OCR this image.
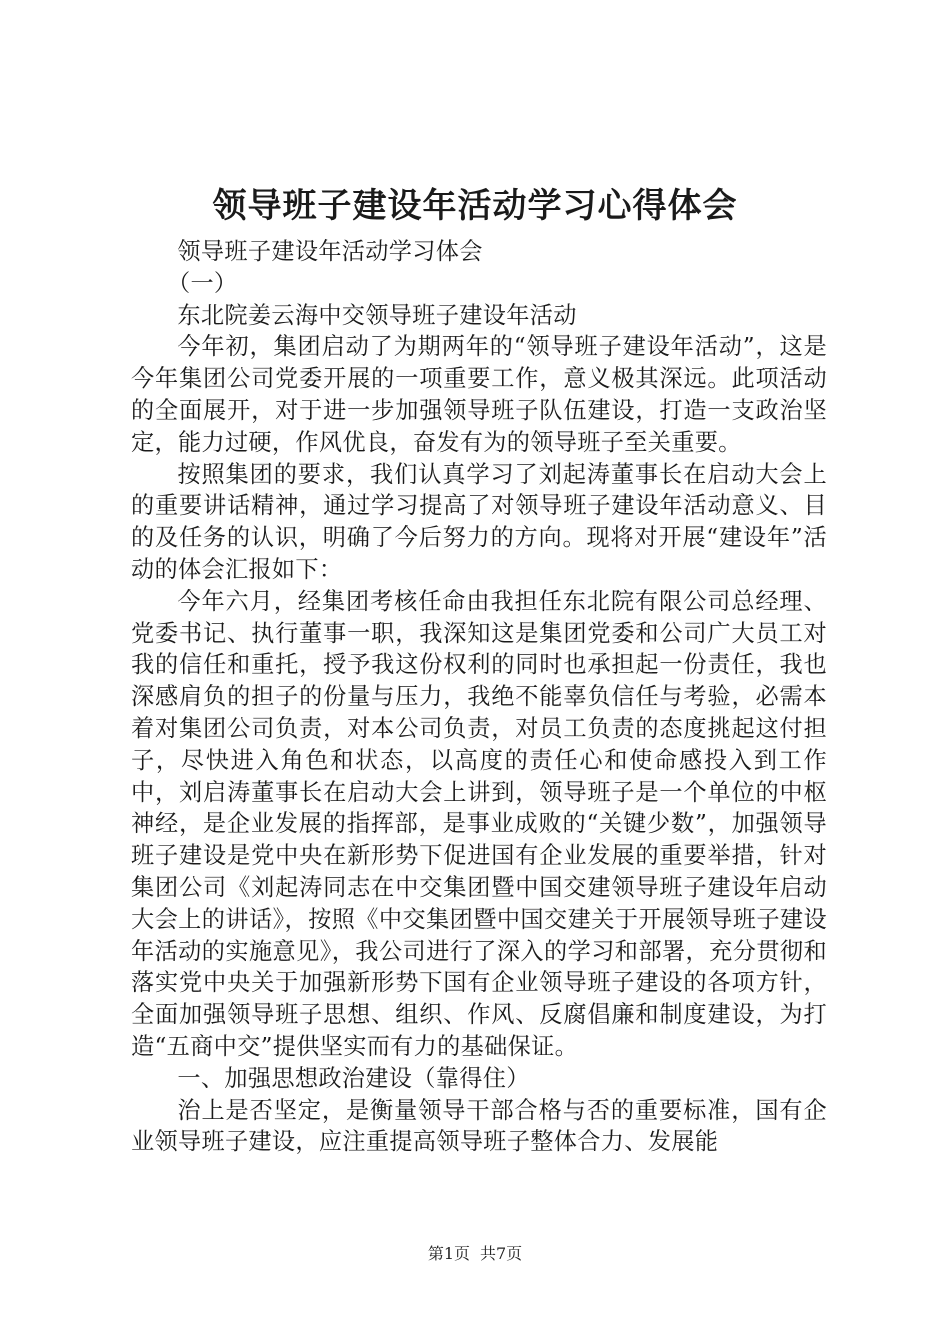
领导班子建设年活动学习心得体会

领导班子建设年活动学习体会

（一）

东北院姜云海中交领导班子建设年活动

今年初，集团启动了为期两年的“领导班子建设年活动”，这是今年集团公司党委开展的一项重要工作，意义极其深远。此项活动的全面展开，对于进一步加强领导班子队伍建设，打造一支政治坚定，能力过硬，作风优良，奋发有为的领导班子至关重要。

按照集团的要求，我们认真学习了刘起涛董事长在启动大会上的重要讲话精神，通过学习提高了对领导班子建设年活动意义、目的及任务的认识，明确了今后努力的方向。现将对开展“建设年”活动的体会汇报如下：

今年六月，经集团考核任命由我担任东北院有限公司总经理、党委书记、执行董事一职，我深知这是集团党委和公司广大员工对我的信任和重托，授予我这份权利的同时也承担起一份责任，我也深感肩负的担子的份量与压力，我绝不能辜负信任与考验，必需本着对集团公司负责，对本公司负责，对员工负责的态度挑起这付担子，尽快进入角色和状态，以高度的责任心和使命感投入到工作中，刘启涛董事长在启动大会上讲到，领导班子是一个单位的中枢神经，是企业发展的指挥部，是事业成败的“关键少数”，加强领导班子建设是党中央在新形势下促进国有企业发展的重要举措，针对集团公司《刘起涛同志在中交集团暨中国交建领导班子建设年启动大会上的讲话》，按照《中交集团暨中国交建关于开展领导班子建设年活动的实施意见》，我公司进行了深入的学习和部署，充分贯彻和落实党中央关于加强新形势下国有企业领导班子建设的各项方针，全面加强领导班子思想、组织、作风、反腐倡廉和制度建设，为打造“五商中交”提供坚实而有力的基础保证。

一、加强思想政治建设（靠得住）

治上是否坚定，是衡量领导干部合格与否的重要标准，国有企业领导班子建设，应注重提高领导班子整体合力、发展能

第1页 共7页
